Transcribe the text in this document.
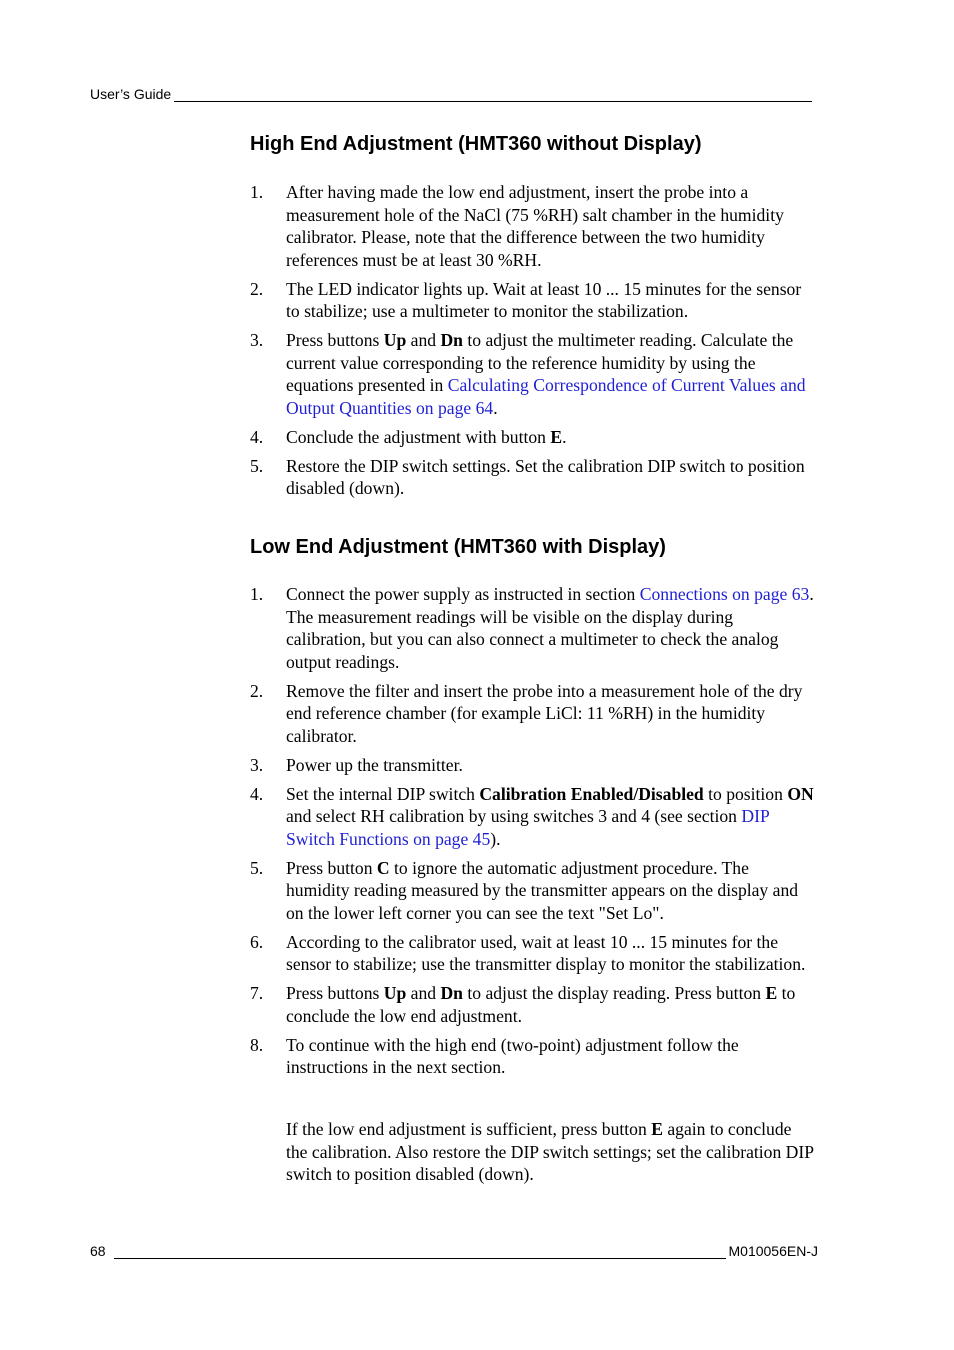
User’s Guide
High End Adjustment (HMT360 without Display)
1. After having made the low end adjustment, insert the probe into a measurement hole of the NaCl (75 %RH) salt chamber in the humidity calibrator. Please, note that the difference between the two humidity references must be at least 30 %RH.
2. The LED indicator lights up. Wait at least 10 ... 15 minutes for the sensor to stabilize; use a multimeter to monitor the stabilization.
3. Press buttons Up and Dn to adjust the multimeter reading. Calculate the current value corresponding to the reference humidity by using the equations presented in Calculating Correspondence of Current Values and Output Quantities on page 64.
4. Conclude the adjustment with button E.
5. Restore the DIP switch settings. Set the calibration DIP switch to position disabled (down).
Low End Adjustment (HMT360 with Display)
1. Connect the power supply as instructed in section Connections on page 63. The measurement readings will be visible on the display during calibration, but you can also connect a multimeter to check the analog output readings.
2. Remove the filter and insert the probe into a measurement hole of the dry end reference chamber (for example LiCl: 11 %RH) in the humidity calibrator.
3. Power up the transmitter.
4. Set the internal DIP switch Calibration Enabled/Disabled to position ON and select RH calibration by using switches 3 and 4 (see section DIP Switch Functions on page 45).
5. Press button C to ignore the automatic adjustment procedure. The humidity reading measured by the transmitter appears on the display and on the lower left corner you can see the text "Set Lo".
6. According to the calibrator used, wait at least 10 ... 15 minutes for the sensor to stabilize; use the transmitter display to monitor the stabilization.
7. Press buttons Up and Dn to adjust the display reading. Press button E to conclude the low end adjustment.
8. To continue with the high end (two-point) adjustment follow the instructions in the next section.
If the low end adjustment is sufficient, press button E again to conclude the calibration. Also restore the DIP switch settings; set the calibration DIP switch to position disabled (down).
68	M010056EN-J
